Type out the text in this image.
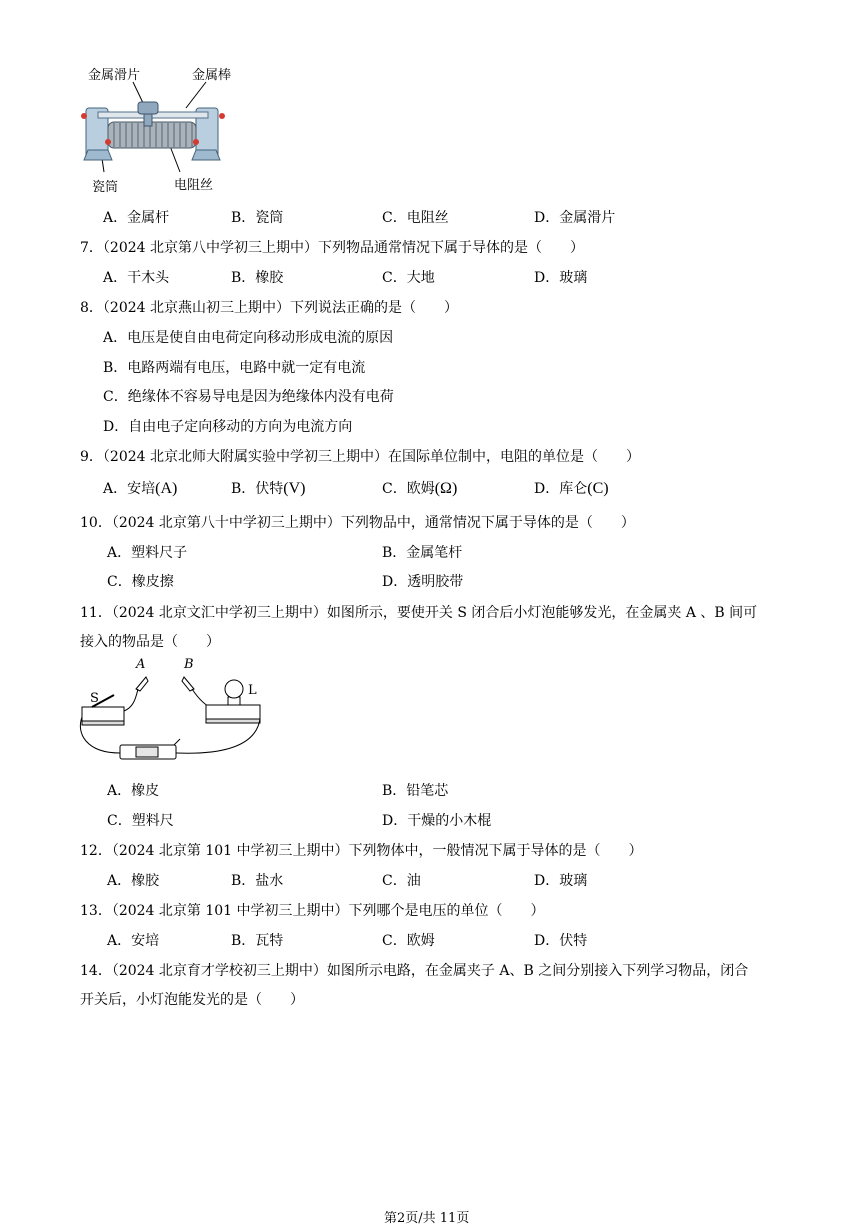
金属滑片	金属棒
瓷筒	电阻丝
A．金属杆	B．瓷筒	C．电阻丝	D．金属滑片
7．（2024 北京第八中学初三上期中）下列物品通常情况下属于导体的是（　　）
A．干木头	B．橡胶	C．大地	D．玻璃
8．（2024 北京燕山初三上期中）下列说法正确的是（　　）
A．电压是使自由电荷定向移动形成电流的原因
B．电路两端有电压，电路中就一定有电流
C．绝缘体不容易导电是因为绝缘体内没有电荷
D．自由电子定向移动的方向为电流方向
9．（2024 北京北师大附属实验中学初三上期中）在国际单位制中，电阻的单位是（　　）
A．安培(A)	B．伏特(V)	C．欧姆(Ω)	D．库仑(C)
10．（2024 北京第八十中学初三上期中）下列物品中，通常情况下属于导体的是（　　）
A．塑料尺子	B．金属笔杆
C．橡皮擦	D．透明胶带
11．（2024 北京文汇中学初三上期中）如图所示，要使开关 S 闭合后小灯泡能够发光，在金属夹 A 、B 间可
接入的物品是（　　）
A	B
S
L
A．橡皮	B．铅笔芯
C．塑料尺	D．干燥的小木棍
12．（2024 北京第 101 中学初三上期中）下列物体中，一般情况下属于导体的是（　　）
A．橡胶	B．盐水	C．油	D．玻璃
13．（2024 北京第 101 中学初三上期中）下列哪个是电压的单位（　　）
A．安培	B．瓦特	C．欧姆	D．伏特
14．（2024 北京育才学校初三上期中）如图所示电路，在金属夹子 A、B 之间分别接入下列学习物品，闭合
开关后，小灯泡能发光的是（　　）
第2页/共 11页
